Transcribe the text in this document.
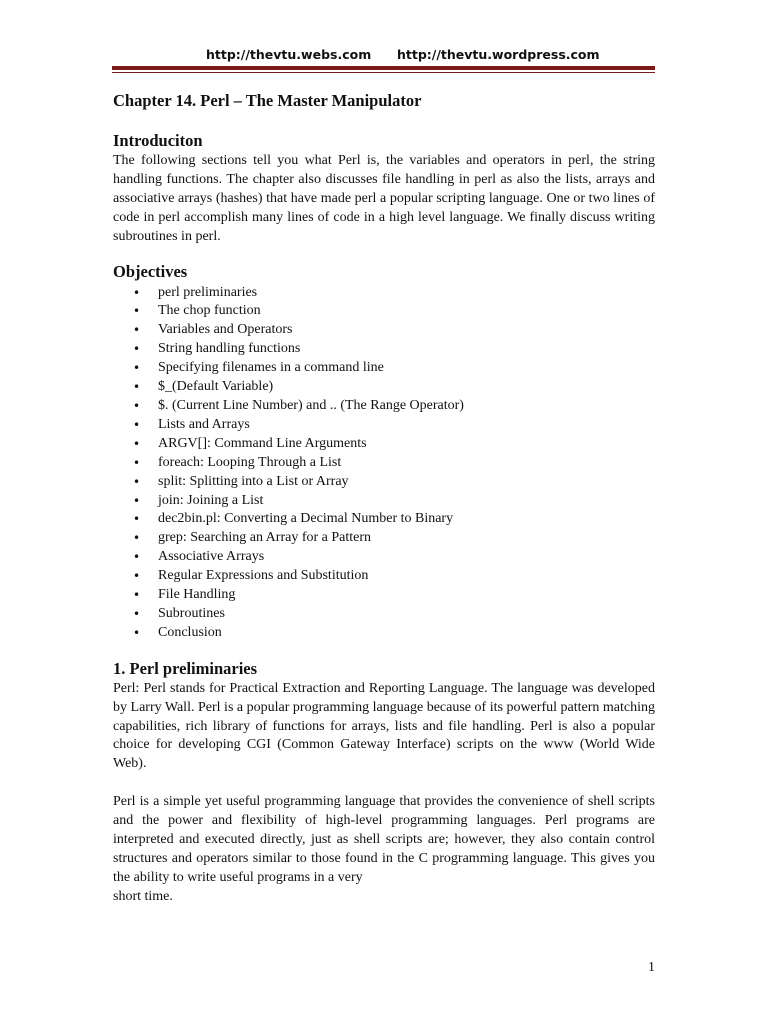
http://thevtu.webs.com http://thevtu.wordpress.com
Chapter 14. Perl – The Master Manipulator
Introduciton

The following sections tell you what Perl is, the variables and operators in perl, the string handling functions. The chapter also discusses file handling in perl as also the lists, arrays and associative arrays (hashes) that have made perl a popular scripting language. One or two lines of code in perl accomplish many lines of code in a high level language. We finally discuss writing subroutines in perl.

Objectives
• perl preliminaries
• The chop function
• Variables and Operators
• String handling functions
• Specifying filenames in a command line
• $_(Default Variable)
• $. (Current Line Number) and .. (The Range Operator)
• Lists and Arrays
• ARGV[]: Command Line Arguments
• foreach: Looping Through a List
• split: Splitting into a List or Array
• join: Joining a List
• dec2bin.pl: Converting a Decimal Number to Binary
• grep: Searching an Array for a Pattern
• Associative Arrays
• Regular Expressions and Substitution
• File Handling
• Subroutines
• Conclusion
1. Perl preliminaries

Perl: Perl stands for Practical Extraction and Reporting Language. The language was developed by Larry Wall. Perl is a popular programming language because of its powerful pattern matching capabilities, rich library of functions for arrays, lists and file handling. Perl is also a popular choice for developing CGI (Common Gateway Interface) scripts on the www (World Wide Web).

Perl is a simple yet useful programming language that provides the convenience of shell scripts and the power and flexibility of high-level programming languages. Perl programs are interpreted and executed directly, just as shell scripts are; however, they also contain control structures and operators similar to those found in the C programming language. This gives you the ability to write useful programs in a very

short time.

1
